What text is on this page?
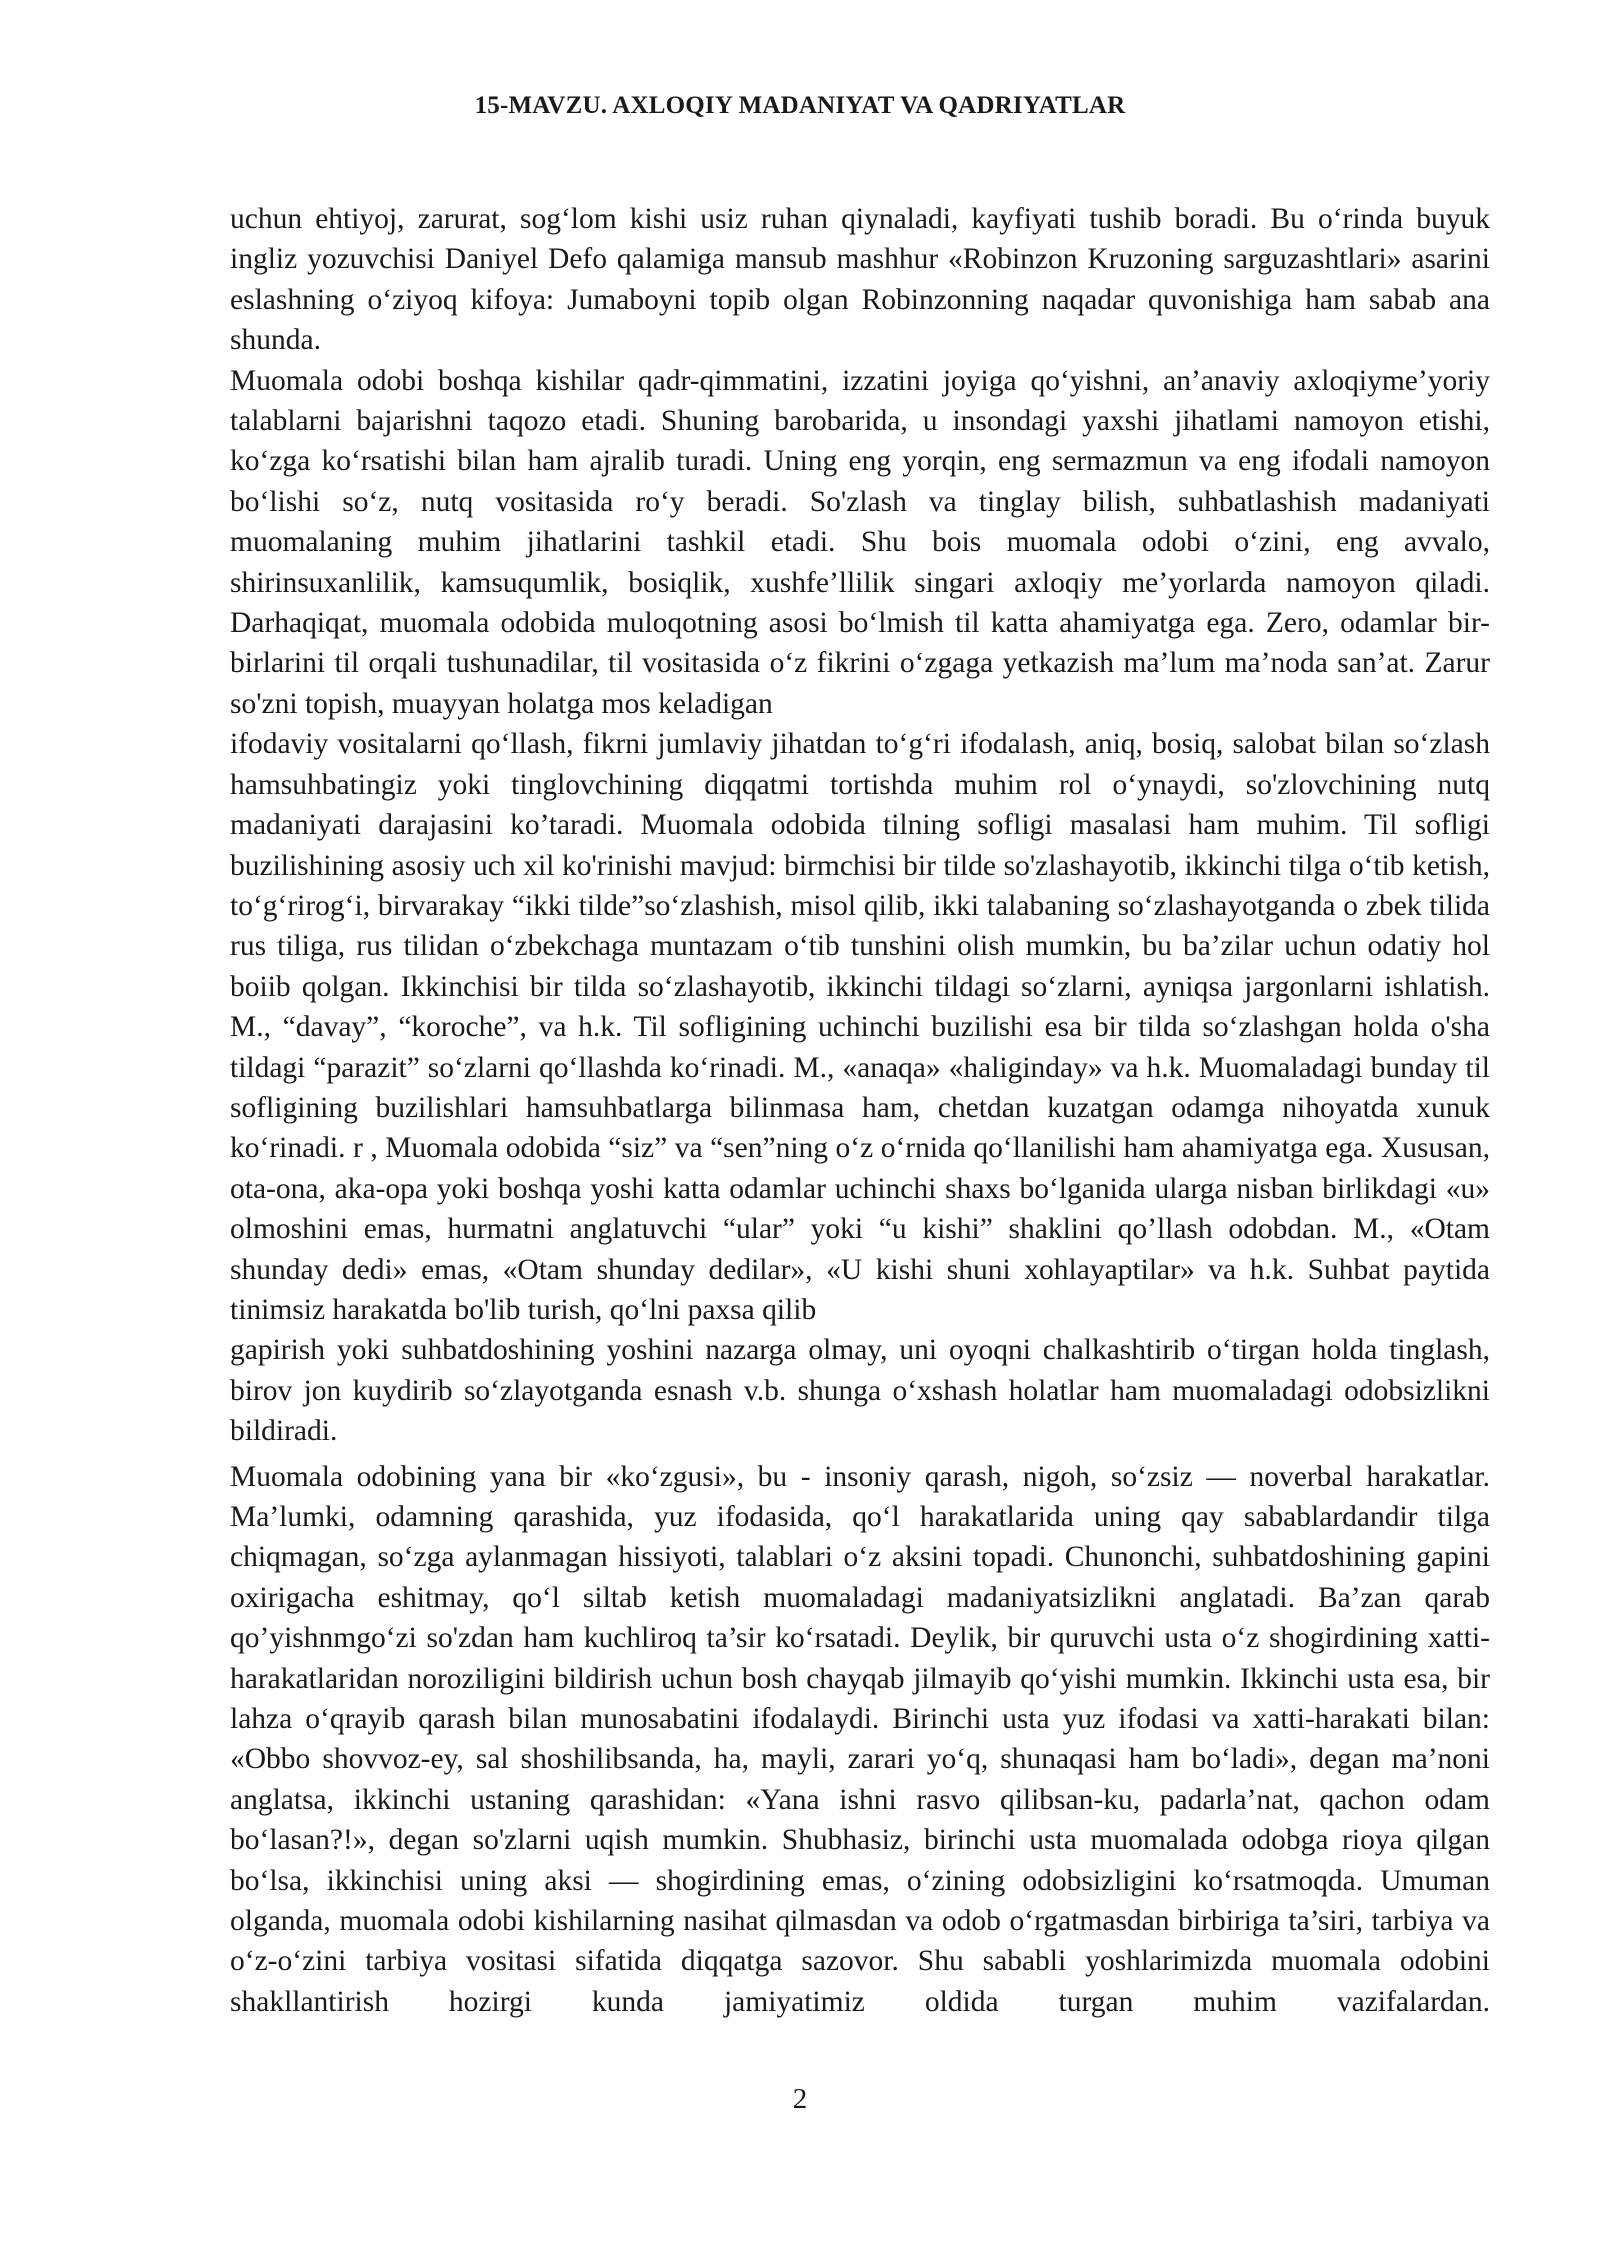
15-MAVZU. AXLOQIY MADANIYAT VA QADRIYATLAR

uchun ehtiyoj, zarurat, sog‘lom kishi usiz ruhan qiynaladi, kayfiyati tushib boradi. Bu o‘rinda buyuk ingliz yozuvchisi Daniyel Defo qalamiga mansub mashhur «Robinzon Kruzoning sarguzashtlari» asarini eslashning o‘ziyoq kifoya: Jumaboyni topib olgan Robinzonning naqadar quvonishiga ham sabab ana shunda.

Muomala odobi boshqa kishilar qadr-qimmatini, izzatini joyiga qo‘yishni, an’anaviy axloqiyme’yoriy talablarni bajarishni taqozo etadi. Shuning barobarida, u insondagi yaxshi jihatlami namoyon etishi, ko‘zga ko‘rsatishi bilan ham ajralib turadi. Uning eng yorqin, eng sermazmun va eng ifodali namoyon bo‘lishi so‘z, nutq vositasida ro‘y beradi. So'zlash va tinglay bilish, suhbatlashish madaniyati muomalaning muhim jihatlarini tashkil etadi. Shu bois muomala odobi o‘zini, eng avvalo, shirinsuxanlilik, kamsuqumlik, bosiqlik, xushfe’llilik singari axloqiy me’yorlarda namoyon qiladi. Darhaqiqat, muomala odobida muloqotning asosi bo‘lmish til katta ahamiyatga ega. Zero, odamlar bir-birlarini til orqali tushunadilar, til vositasida o‘z fikrini o‘zgaga yetkazish ma’lum ma’noda san’at. Zarur so'zni topish, muayyan holatga mos keladigan

ifodaviy vositalarni qo‘llash, fikrni jumlaviy jihatdan to‘g‘ri ifodalash, aniq, bosiq, salobat bilan so‘zlash hamsuhbatingiz yoki tinglovchining diqqatmi tortishda muhim rol o‘ynaydi, so'zlovchining nutq madaniyati darajasini ko’taradi. Muomala odobida tilning sofligi masalasi ham muhim. Til sofligi buzilishining asosiy uch xil ko'rinishi mavjud: birmchisi bir tilde so'zlashayotib, ikkinchi tilga o‘tib ketish, to‘g‘rirog‘i, birvarakay “ikki tilde”so‘zlashish, misol qilib, ikki talabaning so‘zlashayotganda o zbek tilida rus tiliga, rus tilidan o‘zbekchaga muntazam o‘tib tunshini olish mumkin, bu ba’zilar uchun odatiy hol boiib qolgan. Ikkinchisi bir tilda so‘zlashayotib, ikkinchi tildagi so‘zlarni, ayniqsa jargonlarni ishlatish. M., “davay”, “koroche”, va h.k. Til sofligining uchinchi buzilishi esa bir tilda so‘zlashgan holda o'sha tildagi “parazit” so‘zlarni qo‘llashda ko‘rinadi. M., «anaqa» «haliginday» va h.k. Muomaladagi bunday til sofligining buzilishlari hamsuhbatlarga bilinmasa ham, chetdan kuzatgan odamga nihoyatda xunuk ko‘rinadi. r , Muomala odobida “siz” va “sen”ning o‘z o‘rnida qo‘llanilishi ham ahamiyatga ega. Xususan, ota-ona, aka-opa yoki boshqa yoshi katta odamlar uchinchi shaxs bo‘lganida ularga nisban birlikdagi «u» olmoshini emas, hurmatni anglatuvchi “ular” yoki “u kishi” shaklini qo’llash odobdan. M., «Otam shunday dedi» emas, «Otam shunday dedilar», «U kishi shuni xohlayaptilar» va h.k. Suhbat paytida tinimsiz harakatda bo'lib turish, qo‘lni paxsa qilib

gapirish yoki suhbatdoshining yoshini nazarga olmay, uni oyoqni chalkashtirib o‘tirgan holda tinglash, birov jon kuydirib so‘zlayotganda esnash v.b. shunga o‘xshash holatlar ham muomaladagi odobsizlikni bildiradi.

Muomala odobining yana bir «ko‘zgusi», bu - insoniy qarash, nigoh, so‘zsiz — noverbal harakatlar. Ma’lumki, odamning qarashida, yuz ifodasida, qo‘l harakatlarida uning qay sabablardandir tilga chiqmagan, so‘zga aylanmagan hissiyoti, talablari o‘z aksini topadi. Chunonchi, suhbatdoshining gapini oxirigacha eshitmay, qo‘l siltab ketish muomaladagi madaniyatsizlikni anglatadi. Ba’zan qarab qo’yishnmgo‘zi so'zdan ham kuchliroq ta’sir ko‘rsatadi. Deylik, bir quruvchi usta o‘z shogirdining xatti-harakatlaridan noroziligini bildirish uchun bosh chayqab jilmayib qo‘yishi mumkin. Ikkinchi usta esa, bir lahza o‘qrayib qarash bilan munosabatini ifodalaydi. Birinchi usta yuz ifodasi va xatti-harakati bilan: «Obbo shovvoz-ey, sal shoshilibsanda, ha, mayli, zarari yo‘q, shunaqasi ham bo‘ladi», degan ma’noni anglatsa, ikkinchi ustaning qarashidan: «Yana ishni rasvo qilibsan-ku, padarla’nat, qachon odam bo‘lasan?!», degan so'zlarni uqish mumkin. Shubhasiz, birinchi usta muomalada odobga rioya qilgan bo‘lsa, ikkinchisi uning aksi — shogirdining emas, o‘zining odobsizligini ko‘rsatmoqda. Umuman olganda, muomala odobi kishilarning nasihat qilmasdan va odob o‘rgatmasdan birbiriga ta’siri, tarbiya va o‘z-o‘zini tarbiya vositasi sifatida diqqatga sazovor. Shu sababli yoshlarimizda muomala odobini shakllantirish hozirgi kunda jamiyatimiz oldida turgan muhim vazifalardan.

2
